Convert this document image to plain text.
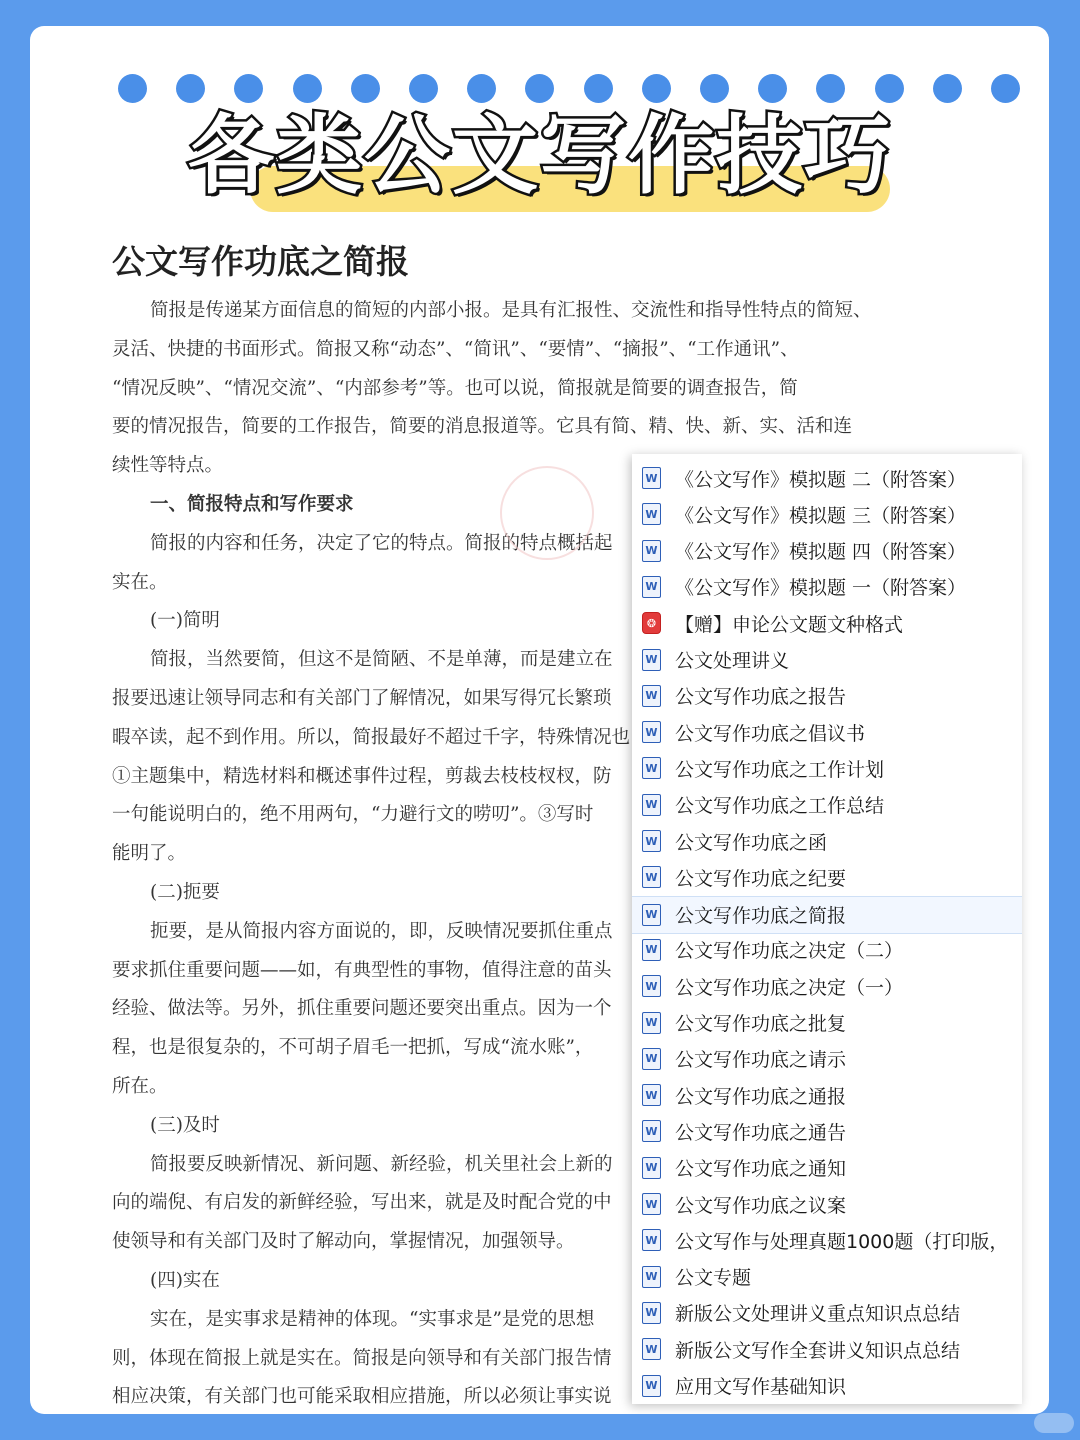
公文写作功底之简报
简报是传递某方面信息的简短的内部小报。是具有汇报性、交流性和指导性特点的简短、
灵活、快捷的书面形式。简报又称“动态”、“简讯”、“要情”、“摘报”、“工作通讯”、
“情况反映”、“情况交流”、“内部参考”等。也可以说，简报就是简要的调查报告，简
要的情况报告，简要的工作报告，简要的消息报道等。它具有简、精、快、新、实、活和连
续性等特点。
一、简报特点和写作要求
简报的内容和任务，决定了它的特点。简报的特点概括起
实在。
(一)简明
简报，当然要简，但这不是简陋、不是单薄，而是建立在
报要迅速让领导同志和有关部门了解情况，如果写得冗长繁琐
暇卒读，起不到作用。所以，简报最好不超过千字，特殊情况也
①主题集中，精选材料和概述事件过程，剪裁去枝枝杈杈，防
一句能说明白的，绝不用两句，“力避行文的唠叨”。③写时
能明了。
(二)扼要
扼要，是从简报内容方面说的，即，反映情况要抓住重点
要求抓住重要问题——如，有典型性的事物，值得注意的苗头
经验、做法等。另外，抓住重要问题还要突出重点。因为一个
程，也是很复杂的，不可胡子眉毛一把抓，写成“流水账”，
所在。
(三)及时
简报要反映新情况、新问题、新经验，机关里社会上新的
向的端倪、有启发的新鲜经验，写出来，就是及时配合党的中
使领导和有关部门及时了解动向，掌握情况，加强领导。
(四)实在
实在，是实事求是精神的体现。“实事求是”是党的思想
则，体现在简报上就是实在。简报是向领导和有关部门报告情
相应决策，有关部门也可能采取相应措施，所以必须让事实说
W 《公文写作》模拟题 二（附答案）
W 《公文写作》模拟题 三（附答案）
W 《公文写作》模拟题 四（附答案）
W 《公文写作》模拟题 一（附答案）
❂ 【赠】申论公文题文种格式
W 公文处理讲义
W 公文写作功底之报告
W 公文写作功底之倡议书
W 公文写作功底之工作计划
W 公文写作功底之工作总结
W 公文写作功底之函
W 公文写作功底之纪要
W 公文写作功底之简报
W 公文写作功底之决定（二）
W 公文写作功底之决定（一）
W 公文写作功底之批复
W 公文写作功底之请示
W 公文写作功底之通报
W 公文写作功底之通告
W 公文写作功底之通知
W 公文写作功底之议案
W 公文写作与处理真题1000题（打印版，
W 公文专题
W 新版公文处理讲义重点知识点总结
W 新版公文写作全套讲义知识点总结
W 应用文写作基础知识
各类公文写作技巧
